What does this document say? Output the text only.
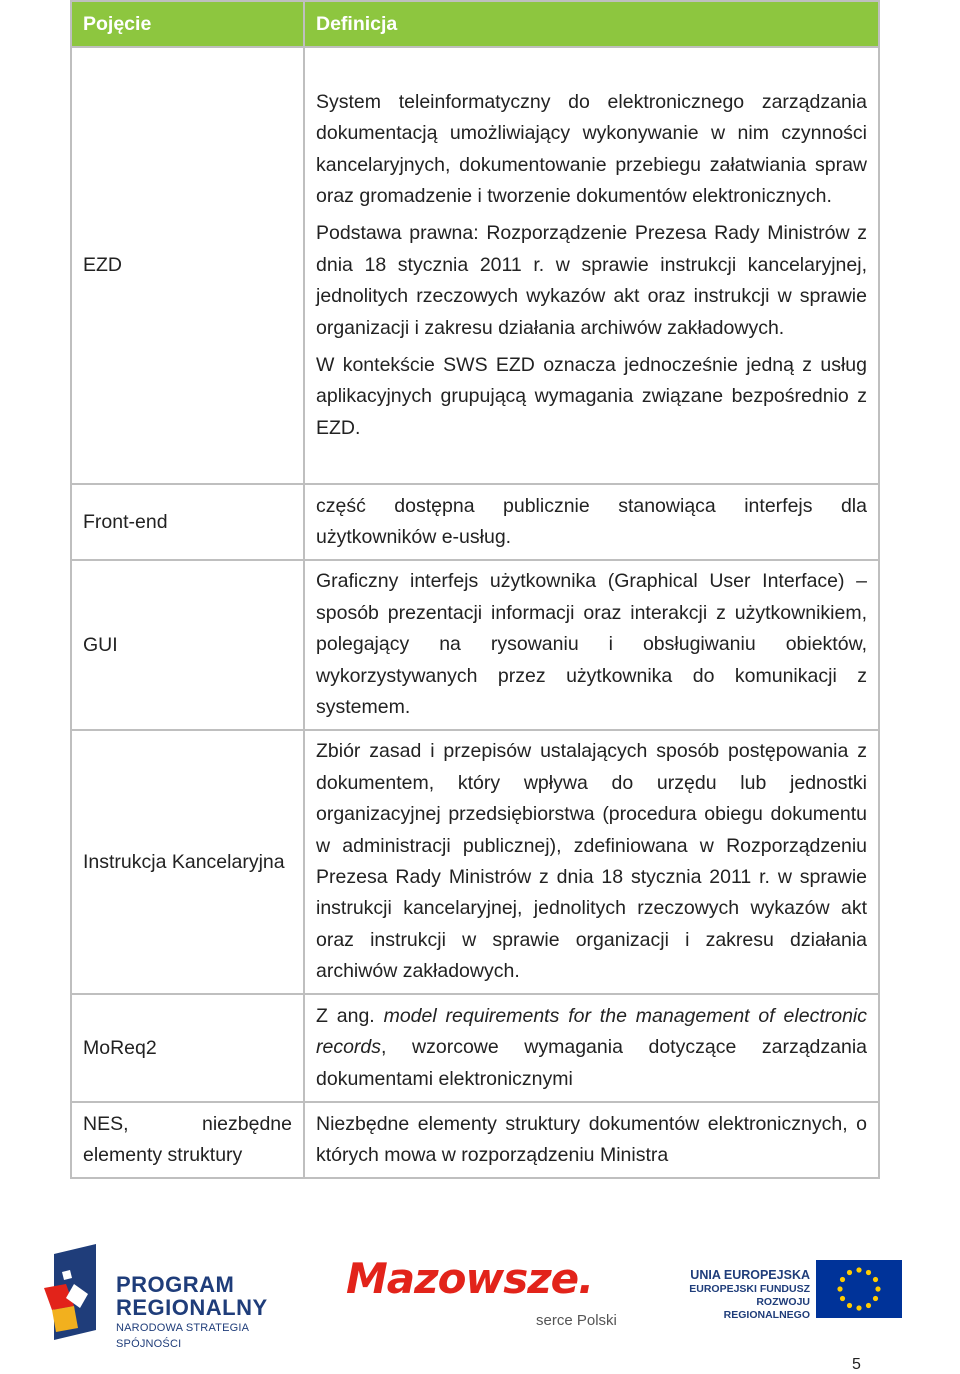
Pojęcie	Definicja
EZD	System teleinformatyczny do elektronicznego zarządzania dokumentacją umożliwiający wykonywanie w nim czynności kancelaryjnych, dokumentowanie przebiegu załatwiania spraw oraz gromadzenie i tworzenie dokumentów elektronicznych.

Podstawa prawna: Rozporządzenie Prezesa Rady Ministrów z dnia 18 stycznia 2011 r. w sprawie instrukcji kancelaryjnej, jednolitych rzeczowych wykazów akt oraz instrukcji w sprawie organizacji i zakresu działania archiwów zakładowych.

W kontekście SWS EZD oznacza jednocześnie jedną z usług aplikacyjnych grupującą wymagania związane bezpośrednio z EZD.

Front-end	część dostępna publicznie stanowiąca interfejs dla użytkowników e-usług.

GUI	Graficzny interfejs użytkownika (Graphical User Interface) – sposób prezentacji informacji oraz interakcji z użytkownikiem, polegający na rysowaniu i obsługiwaniu obiektów, wykorzystywanych przez użytkownika do komunikacji z systemem.

Instrukcja Kancelaryjna	Zbiór zasad i przepisów ustalających sposób postępowania z dokumentem, który wpływa do urzędu lub jednostki organizacyjnej przedsiębiorstwa (procedura obiegu dokumentu w administracji publicznej), zdefiniowana w Rozporządzeniu Prezesa Rady Ministrów z dnia 18 stycznia 2011 r. w sprawie instrukcji kancelaryjnej, jednolitych rzeczowych wykazów akt oraz instrukcji w sprawie organizacji i zakresu działania archiwów zakładowych.

MoReq2	Z ang. model requirements for the management of electronic records, wzorcowe wymagania dotyczące zarządzania dokumentami elektronicznymi

NES, niezbędne
elementy struktury	Niezbędne elementy struktury dokumentów elektronicznych, o których mowa w rozporządzeniu Ministra

PROGRAM
REGIONALNY
NARODOWA STRATEGIA SPÓJNOŚCI
Mazowsze.
serce Polski
UNIA EUROPEJSKA
EUROPEJSKI FUNDUSZ
ROZWOJU REGIONALNEGO
5
